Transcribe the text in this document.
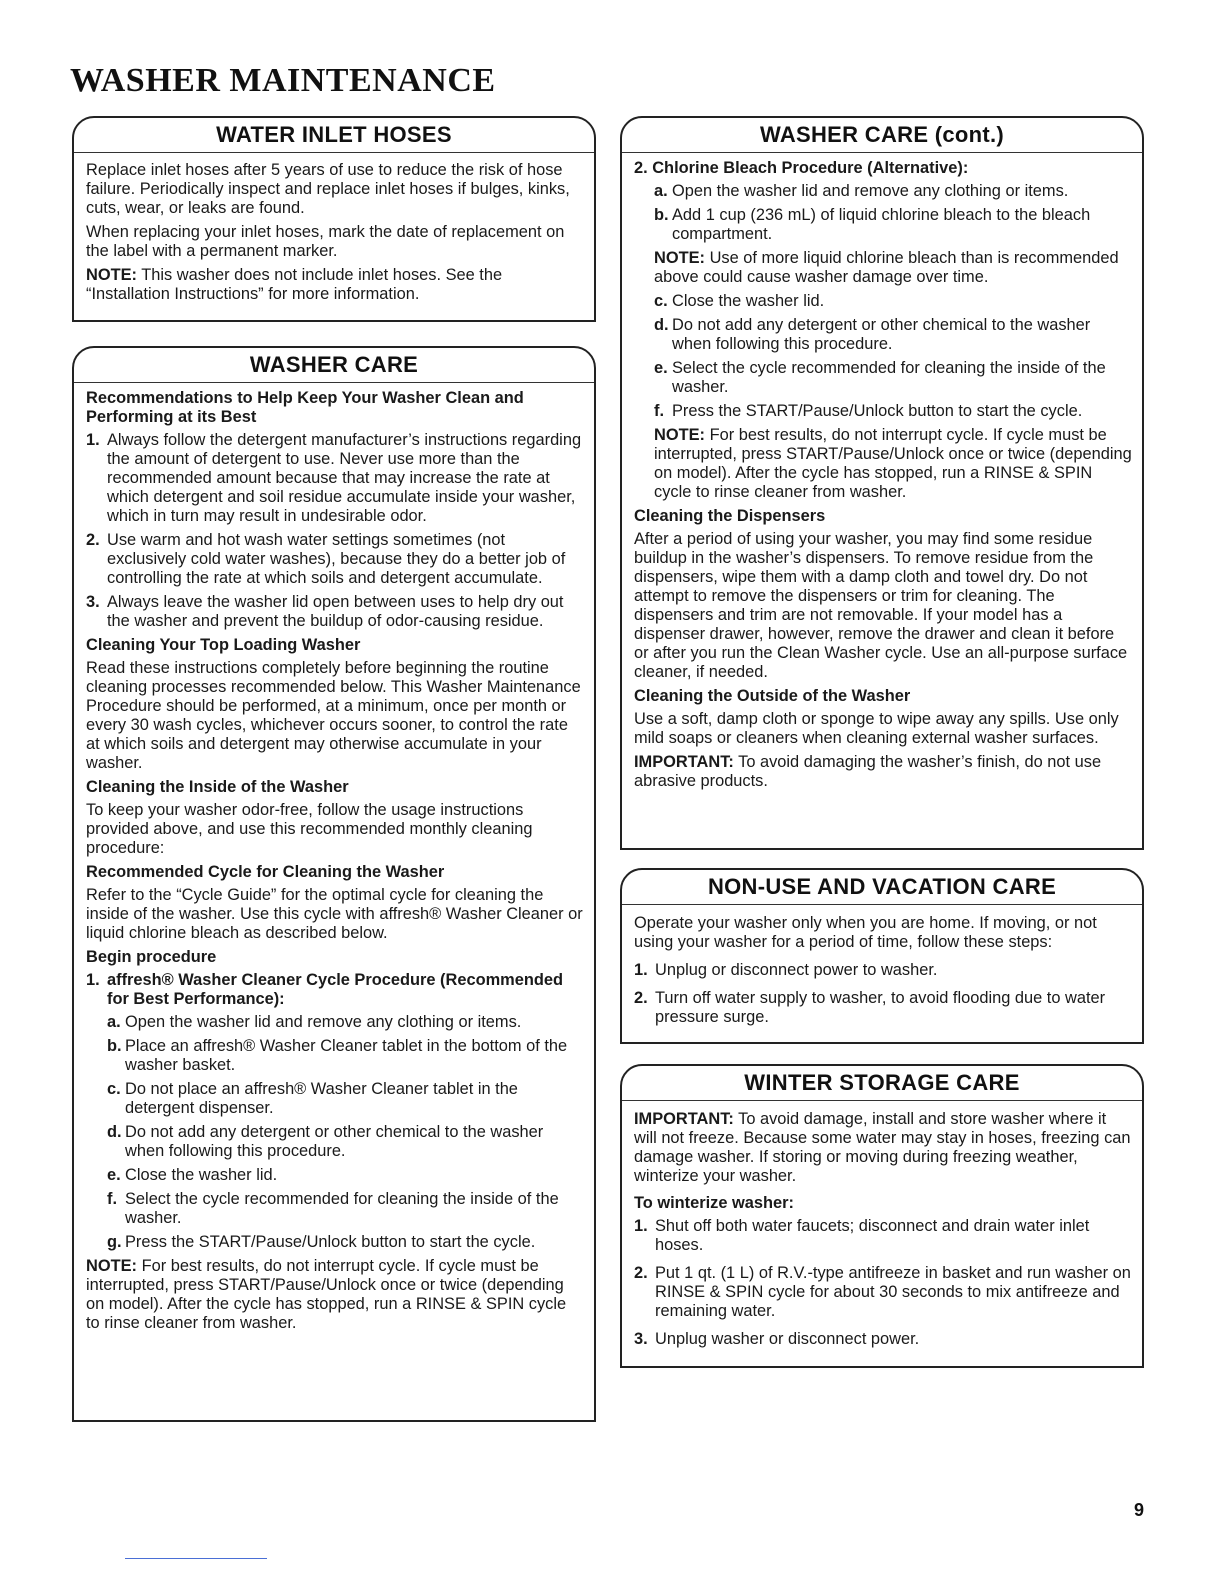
WASHER MAINTENANCE
WATER INLET HOSES

Replace inlet hoses after 5 years of use to reduce the risk of hose failure. Periodically inspect and replace inlet hoses if bulges, kinks, cuts, wear, or leaks are found.

When replacing your inlet hoses, mark the date of replacement on the label with a permanent marker.

NOTE: This washer does not include inlet hoses. See the “Installation Instructions” for more information.

WASHER CARE

Recommendations to Help Keep Your Washer Clean and Performing at its Best

1. Always follow the detergent manufacturer’s instructions regarding the amount of detergent to use. Never use more than the recommended amount because that may increase the rate at which detergent and soil residue accumulate inside your washer, which in turn may result in undesirable odor.
2. Use warm and hot wash water settings sometimes (not exclusively cold water washes), because they do a better job of controlling the rate at which soils and detergent accumulate.
3. Always leave the washer lid open between uses to help dry out the washer and prevent the buildup of odor-causing residue.

Cleaning Your Top Loading Washer

Read these instructions completely before beginning the routine cleaning processes recommended below. This Washer Maintenance Procedure should be performed, at a minimum, once per month or every 30 wash cycles, whichever occurs sooner, to control the rate at which soils and detergent may otherwise accumulate in your washer.

Cleaning the Inside of the Washer

To keep your washer odor-free, follow the usage instructions provided above, and use this recommended monthly cleaning procedure:

Recommended Cycle for Cleaning the Washer

Refer to the “Cycle Guide” for the optimal cycle for cleaning the inside of the washer. Use this cycle with affresh® Washer Cleaner or liquid chlorine bleach as described below.

Begin procedure

1. affresh® Washer Cleaner Cycle Procedure (Recommended for Best Performance):
a. Open the washer lid and remove any clothing or items.
b. Place an affresh® Washer Cleaner tablet in the bottom of the washer basket.
c. Do not place an affresh® Washer Cleaner tablet in the detergent dispenser.
d. Do not add any detergent or other chemical to the washer when following this procedure.
e. Close the washer lid.
f. Select the cycle recommended for cleaning the inside of the washer.
g. Press the START/Pause/Unlock button to start the cycle.

NOTE: For best results, do not interrupt cycle. If cycle must be interrupted, press START/Pause/Unlock once or twice (depending on model). After the cycle has stopped, run a RINSE & SPIN cycle to rinse cleaner from washer.

WASHER CARE (cont.)

2. Chlorine Bleach Procedure (Alternative):

a. Open the washer lid and remove any clothing or items.
b. Add 1 cup (236 mL) of liquid chlorine bleach to the bleach compartment.

NOTE: Use of more liquid chlorine bleach than is recommended above could cause washer damage over time.

c. Close the washer lid.
d. Do not add any detergent or other chemical to the washer when following this procedure.
e. Select the cycle recommended for cleaning the inside of the washer.
f. Press the START/Pause/Unlock button to start the cycle.

NOTE: For best results, do not interrupt cycle. If cycle must be interrupted, press START/Pause/Unlock once or twice (depending on model). After the cycle has stopped, run a RINSE & SPIN cycle to rinse cleaner from washer.

Cleaning the Dispensers

After a period of using your washer, you may find some residue buildup in the washer’s dispensers. To remove residue from the dispensers, wipe them with a damp cloth and towel dry. Do not attempt to remove the dispensers or trim for cleaning. The dispensers and trim are not removable. If your model has a dispenser drawer, however, remove the drawer and clean it before or after you run the Clean Washer cycle. Use an all-purpose surface cleaner, if needed.

Cleaning the Outside of the Washer

Use a soft, damp cloth or sponge to wipe away any spills. Use only mild soaps or cleaners when cleaning external washer surfaces.

IMPORTANT: To avoid damaging the washer’s finish, do not use abrasive products.

NON-USE AND VACATION CARE

Operate your washer only when you are home. If moving, or not using your washer for a period of time, follow these steps:

1. Unplug or disconnect power to washer.
2. Turn off water supply to washer, to avoid flooding due to water pressure surge.
WINTER STORAGE CARE

IMPORTANT: To avoid damage, install and store washer where it will not freeze. Because some water may stay in hoses, freezing can damage washer. If storing or moving during freezing weather, winterize your washer.

To winterize washer:

1. Shut off both water faucets; disconnect and drain water inlet hoses.
2. Put 1 qt. (1 L) of R.V.-type antifreeze in basket and run washer on RINSE & SPIN cycle for about 30 seconds to mix antifreeze and remaining water.
3. Unplug washer or disconnect power.
9
